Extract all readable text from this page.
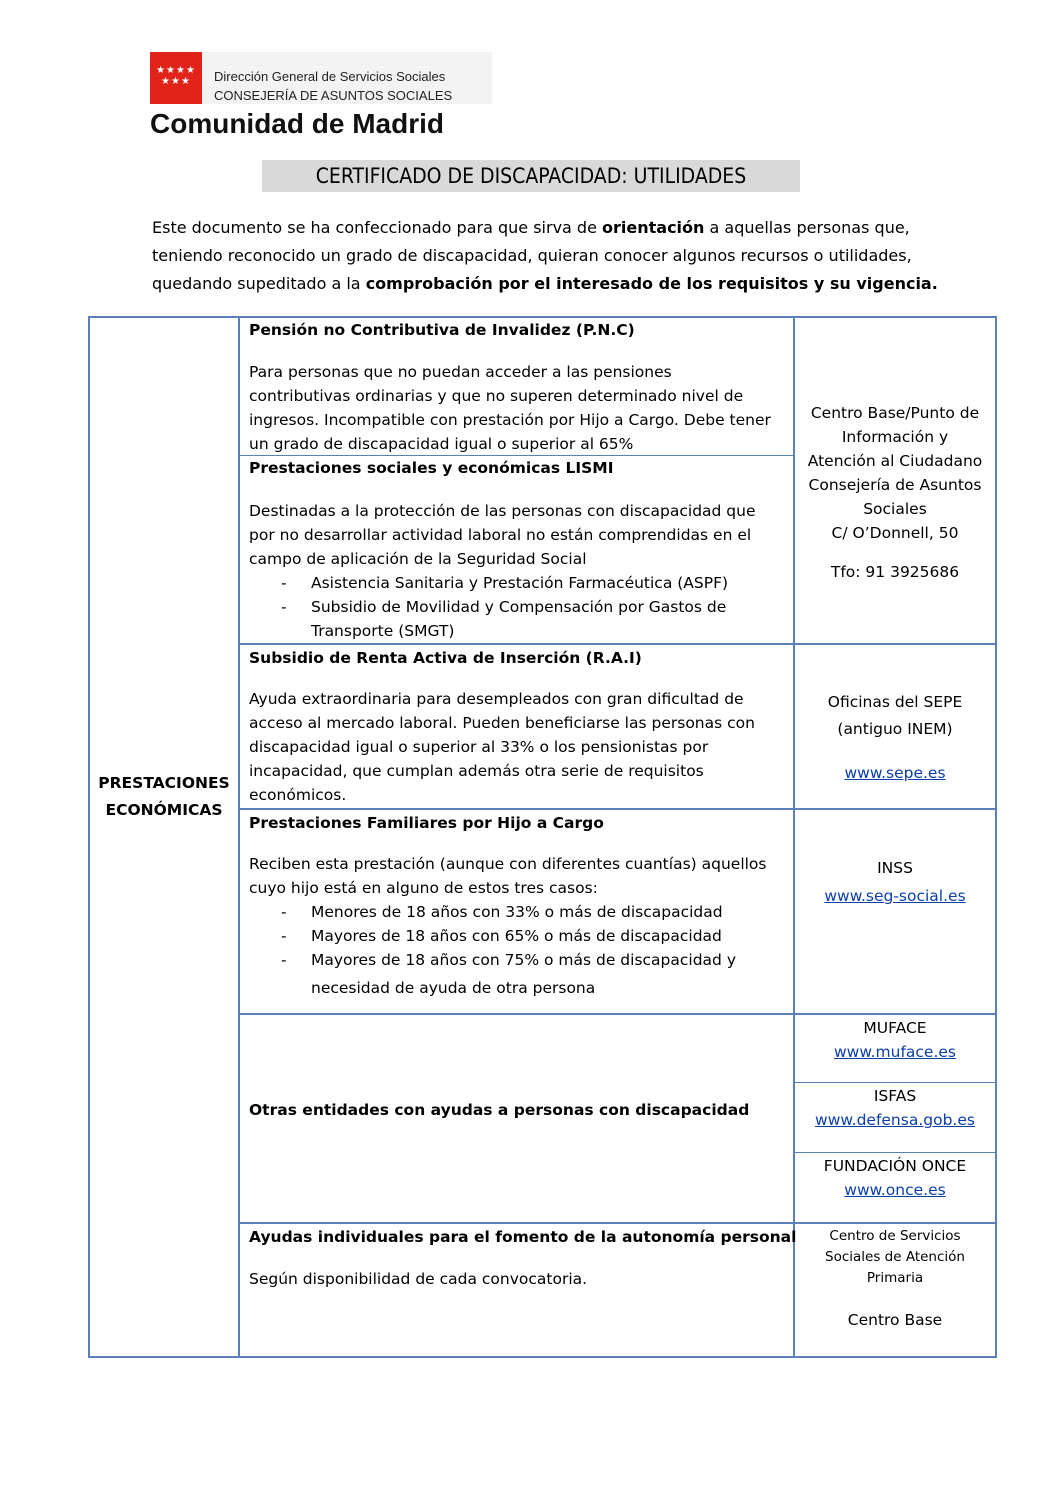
★★★★
★★★	Dirección General de Servicios Sociales
CONSEJERÍA DE ASUNTOS SOCIALES
Comunidad de Madrid
CERTIFICADO DE DISCAPACIDAD: UTILIDADES
Este documento se ha confeccionado para que sirva de orientación a aquellas personas que,
teniendo reconocido un grado de discapacidad, quieran conocer algunos recursos o utilidades,
quedando supeditado a la comprobación por el interesado de los requisitos y su vigencia.
PRESTACIONES
ECONÓMICAS
Pensión no Contributiva de Invalidez (P.N.C)
Para personas que no puedan acceder a las pensiones
contributivas ordinarias y que no superen determinado nivel de
ingresos. Incompatible con prestación por Hijo a Cargo. Debe tener
un grado de discapacidad igual o superior al 65%
Prestaciones sociales y económicas LISMI
Destinadas a la protección de las personas con discapacidad que
por no desarrollar actividad laboral no están comprendidas en el
campo de aplicación de la Seguridad Social
- Asistencia Sanitaria y Prestación Farmacéutica (ASPF)
- Subsidio de Movilidad y Compensación por Gastos de
Transporte (SMGT)
Centro Base/Punto de
Información y
Atención al Ciudadano
Consejería de Asuntos
Sociales
C/ O’Donnell, 50
Tfo: 91 3925686
Subsidio de Renta Activa de Inserción (R.A.I)
Ayuda extraordinaria para desempleados con gran dificultad de
acceso al mercado laboral. Pueden beneficiarse las personas con
discapacidad igual o superior al 33% o los pensionistas por
incapacidad, que cumplan además otra serie de requisitos
económicos.
Oficinas del SEPE
(antiguo INEM)
www.sepe.es
Prestaciones Familiares por Hijo a Cargo
Reciben esta prestación (aunque con diferentes cuantías) aquellos
cuyo hijo está en alguno de estos tres casos:
- Menores de 18 años con 33% o más de discapacidad
- Mayores de 18 años con 65% o más de discapacidad
- Mayores de 18 años con 75% o más de discapacidad y
necesidad de ayuda de otra persona
INSS
www.seg-social.es
Otras entidades con ayudas a personas con discapacidad
MUFACE
www.muface.es
ISFAS
www.defensa.gob.es
FUNDACIÓN ONCE
www.once.es
Ayudas individuales para el fomento de la autonomía personal
Según disponibilidad de cada convocatoria.
Centro de Servicios
Sociales de Atención
Primaria
Centro Base
